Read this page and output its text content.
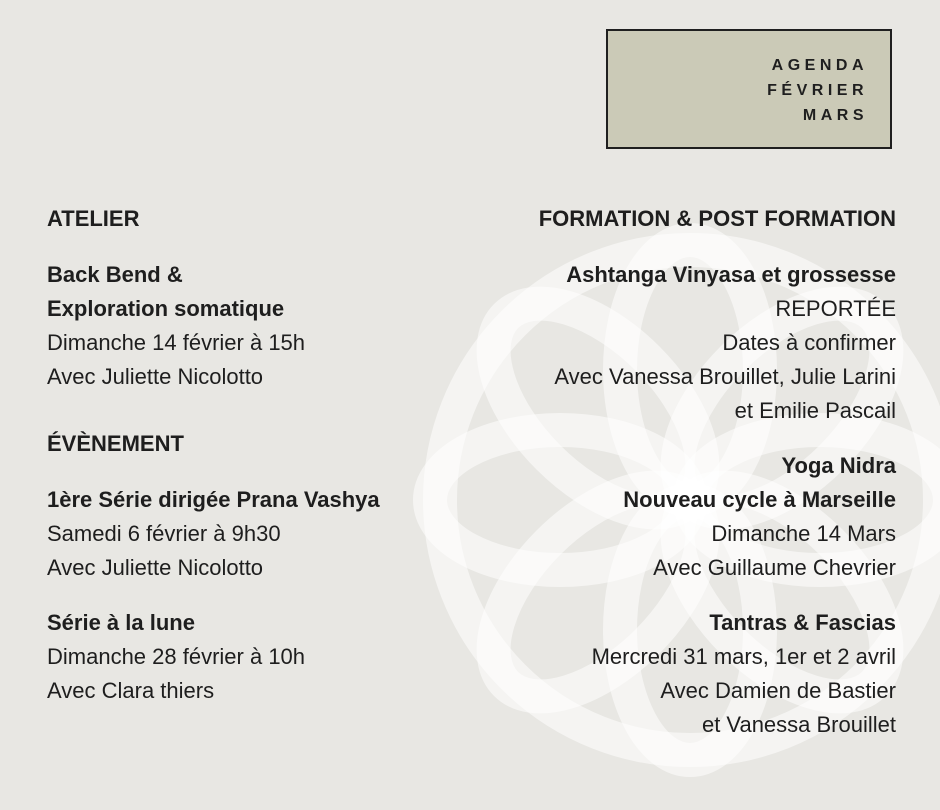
AGENDA
FÉVRIER
MARS
ATELIER
Back Bend &
Exploration somatique
Dimanche 14 février à 15h
Avec Juliette Nicolotto
ÉVÈNEMENT
1ère Série dirigée Prana Vashya
Samedi 6 février à 9h30
Avec Juliette Nicolotto
Série à la lune
Dimanche 28 février à 10h
Avec Clara thiers
FORMATION & POST FORMATION
Ashtanga Vinyasa et grossesse
REPORTÉE
Dates à confirmer
Avec Vanessa Brouillet, Julie Larini
et Emilie Pascail
Yoga Nidra
Nouveau cycle à Marseille
Dimanche 14 Mars
Avec Guillaume Chevrier
Tantras & Fascias
Mercredi 31 mars, 1er et 2 avril
Avec Damien de Bastier
et Vanessa Brouillet
